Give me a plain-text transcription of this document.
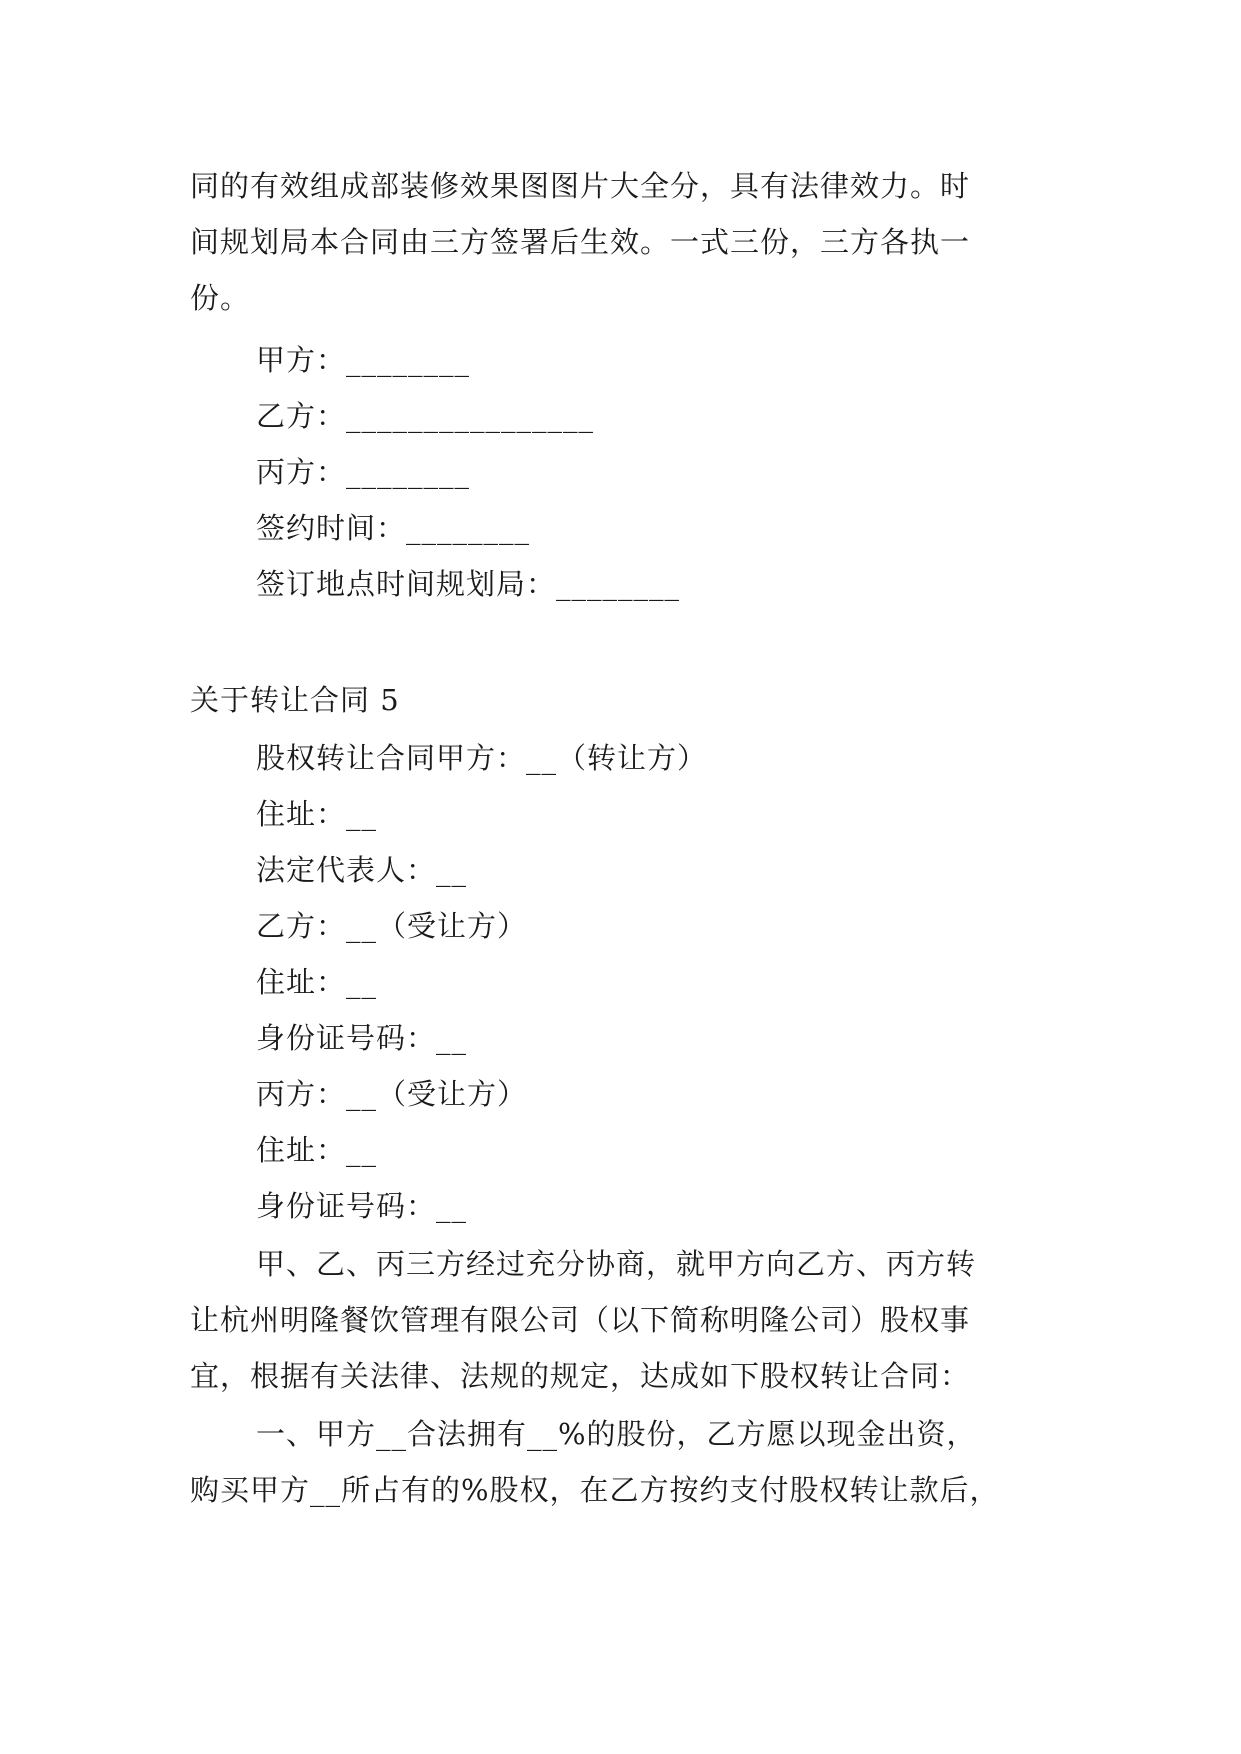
同的有效组成部装修效果图图片大全分，具有法律效力。时
间规划局本合同由三方签署后生效。一式三份，三方各执一
份。
甲方：________
乙方：________________
丙方：________
签约时间：________
签订地点时间规划局：________
关于转让合同 5
股权转让合同甲方：__（转让方）
住址：__
法定代表人：__
乙方：__（受让方）
住址：__
身份证号码：__
丙方：__（受让方）
住址：__
身份证号码：__
甲、乙、丙三方经过充分协商，就甲方向乙方、丙方转
让杭州明隆餐饮管理有限公司（以下简称明隆公司）股权事
宜，根据有关法律、法规的规定，达成如下股权转让合同：
一、甲方__合法拥有__%的股份，乙方愿以现金出资，
购买甲方__所占有的%股权，在乙方按约支付股权转让款后，
